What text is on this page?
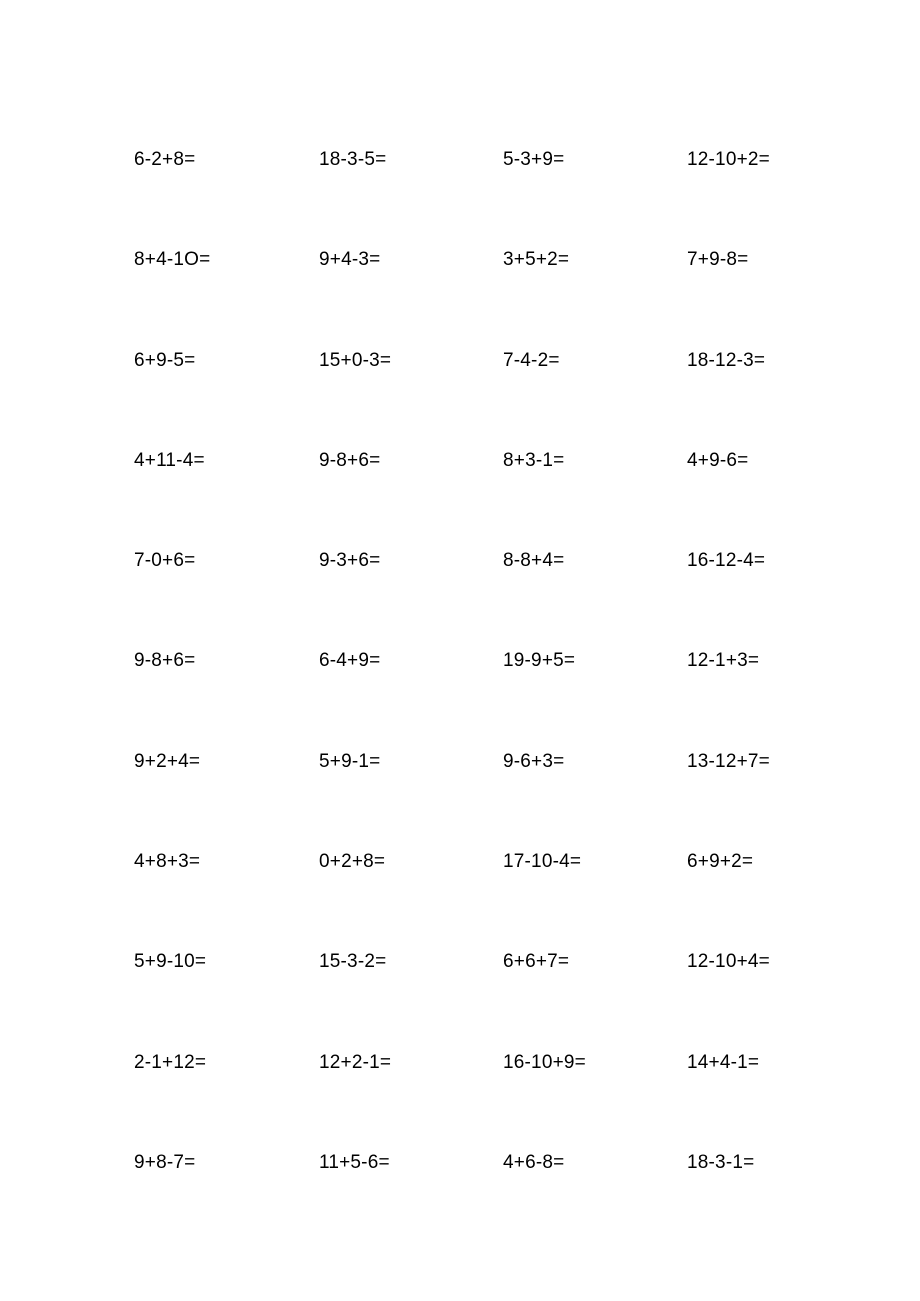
6-2+8=	18-3-5=	5-3+9=	12-10+2=
8+4-1O=	9+4-3=	3+5+2=	7+9-8=
6+9-5=	15+0-3=	7-4-2=	18-12-3=
4+11-4=	9-8+6=	8+3-1=	4+9-6=
7-0+6=	9-3+6=	8-8+4=	16-12-4=
9-8+6=	6-4+9=	19-9+5=	12-1+3=
9+2+4=	5+9-1=	9-6+3=	13-12+7=
4+8+3=	0+2+8=	17-10-4=	6+9+2=
5+9-10=	15-3-2=	6+6+7=	12-10+4=
2-1+12=	12+2-1=	16-10+9=	14+4-1=
9+8-7=	11+5-6=	4+6-8=	18-3-1=
